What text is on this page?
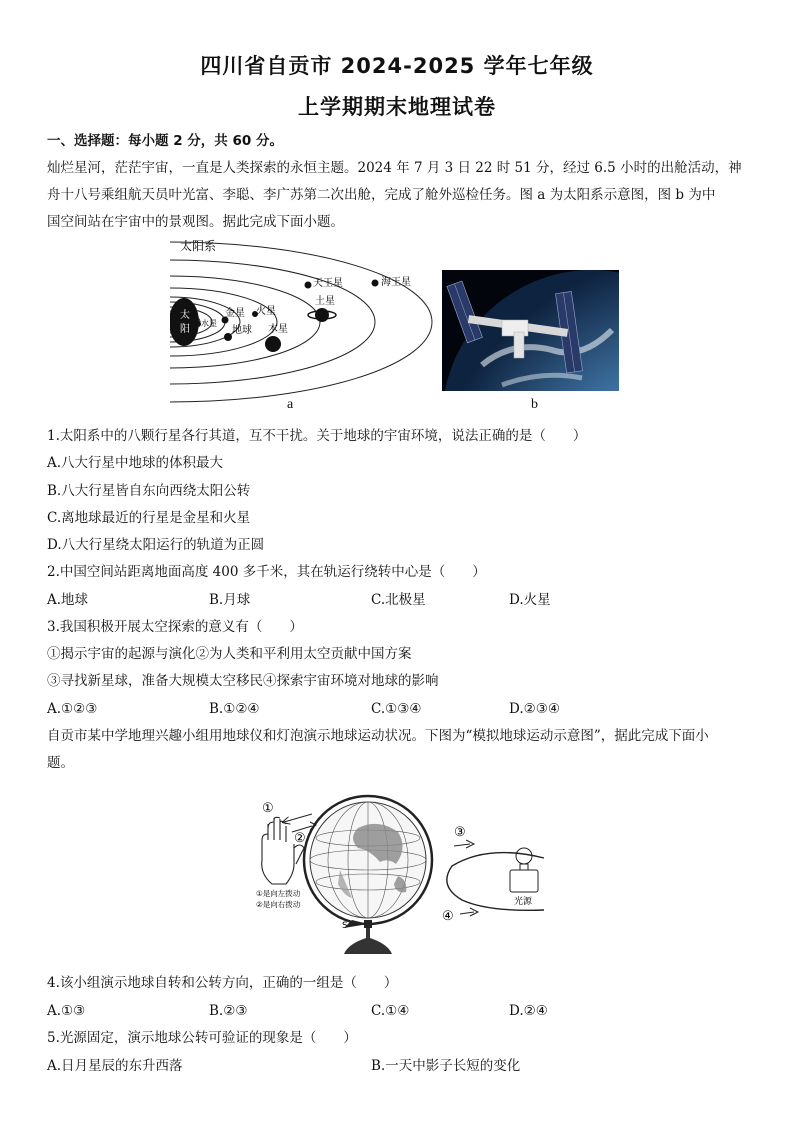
四川省自贡市 2024-2025 学年七年级
上学期期末地理试卷
一、选择题：每小题 2 分，共 60 分。
灿烂星河，茫茫宇宙，一直是人类探索的永恒主题。2024 年 7 月 3 日 22 时 51 分，经过 6.5 小时的出舱活动，神
舟十八号乘组航天员叶光富、李聪、李广苏第二次出舱，完成了舱外巡检任务。图 a 为太阳系示意图，图 b 为中
国空间站在宇宙中的景观图。据此完成下面小题。
太阳系
太
阳
水星
金星 火星
地球 木星
土星
天王星	海王星
a	b
1.太阳系中的八颗行星各行其道，互不干扰。关于地球的宇宙环境，说法正确的是（　　）
A.八大行星中地球的体积最大
B.八大行星皆自东向西绕太阳公转
C.离地球最近的行星是金星和火星
D.八大行星绕太阳运行的轨道为正圆
2.中国空间站距离地面高度 400 多千米，其在轨运行绕转中心是（　　）
A.地球	B.月球	C.北极星	D.火星
3.我国积极开展太空探索的意义有（　　）
①揭示宇宙的起源与演化②为人类和平利用太空贡献中国方案
③寻找新星球，准备大规模太空移民④探索宇宙环境对地球的影响
A.①②③	B.①②④	C.①③④	D.②③④
自贡市某中学地理兴趣小组用地球仪和灯泡演示地球运动状况。下图为“模拟地球运动示意图”，据此完成下面小
题。
①
②
①是向左拨动
②是向右拨动
S
③
④
光源
4.该小组演示地球自转和公转方向，正确的一组是（　　）
A.①③	B.②③	C.①④	D.②④
5.光源固定，演示地球公转可验证的现象是（　　）
A.日月星辰的东升西落	B.一天中影子长短的变化
